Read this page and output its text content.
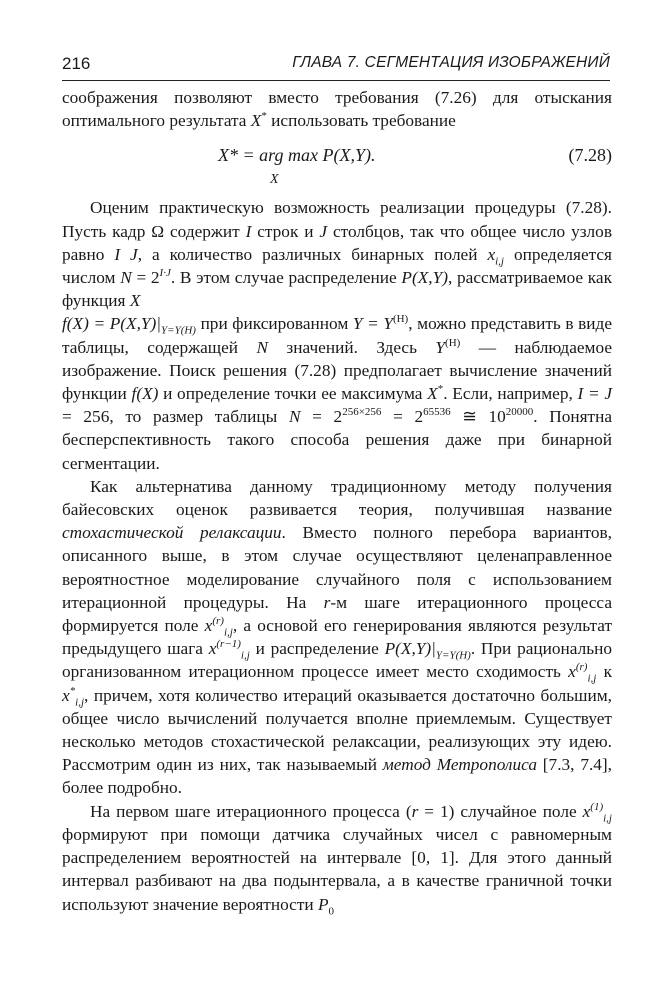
216	ГЛАВА 7. СЕГМЕНТАЦИЯ ИЗОБРАЖЕНИЙ

соображения позволяют вместо требования (7.26) для отыскания оптимального результата X* использовать требование

X* = arg max P(X,Y).
X
(7.28)

Оценим практическую возможность реализации процедуры (7.28). Пусть кадр Ω содержит I строк и J столбцов, так что общее число узлов равно I J, а количество различных бинарных полей $x_{i,j}$ определяется числом $N = 2^{I\cdot J}$. В этом случае распределение P(X,Y), рассматриваемое как функция X
$f(X) = P(X,Y)|_{Y=Y(H)}$ при фиксированном $Y = Y^{(H)}$, можно представить в виде таблицы, содержащей N значений. Здесь $Y^{(H)}$ — наблюдаемое изображение. Поиск решения (7.28) предполагает вычисление значений функции f(X) и определение точки ее максимума X*. Если, например, I = J = 256, то размер таблицы $N = 2^{256\times 256} = 2^{65536}$ ≅ $10^{20000}$. Понятна бесперспективность такого способа решения даже при бинарной сегментации.

Как альтернатива данному традиционному методу получения байесовских оценок развивается теория, получившая название стохастической релаксации. Вместо полного перебора вариантов, описанного выше, в этом случае осуществляют целенаправленное вероятностное моделирование случайного поля с использованием итерационной процедуры. На r-м шаге итерационного процесса формируется поле $x^{(r)}_{i,j}$, а основой его генерирования являются результат предыдущего шага $x^{(r-1)}_{i,j}$ и распределение $P(X,Y)|_{Y=Y(H)}$. При рационально организованном итерационном процессе имеет место сходимость $x^{(r)}_{i,j}$ к $x^*_{i,j}$, причем, хотя количество итераций оказывается достаточно большим, общее число вычислений получается вполне приемлемым. Существует несколько методов стохастической релаксации, реализующих эту идею. Рассмотрим один из них, так называемый метод Метрополиса [7.3, 7.4], более подробно.

На первом шаге итерационного процесса (r = 1) случайное поле $x^{(1)}_{i,j}$ формируют при помощи датчика случайных чисел с равномерным распределением вероятностей на интервале [0, 1]. Для этого данный интервал разбивают на два подынтервала, а в качестве граничной точки используют значение вероятности $P_0$
